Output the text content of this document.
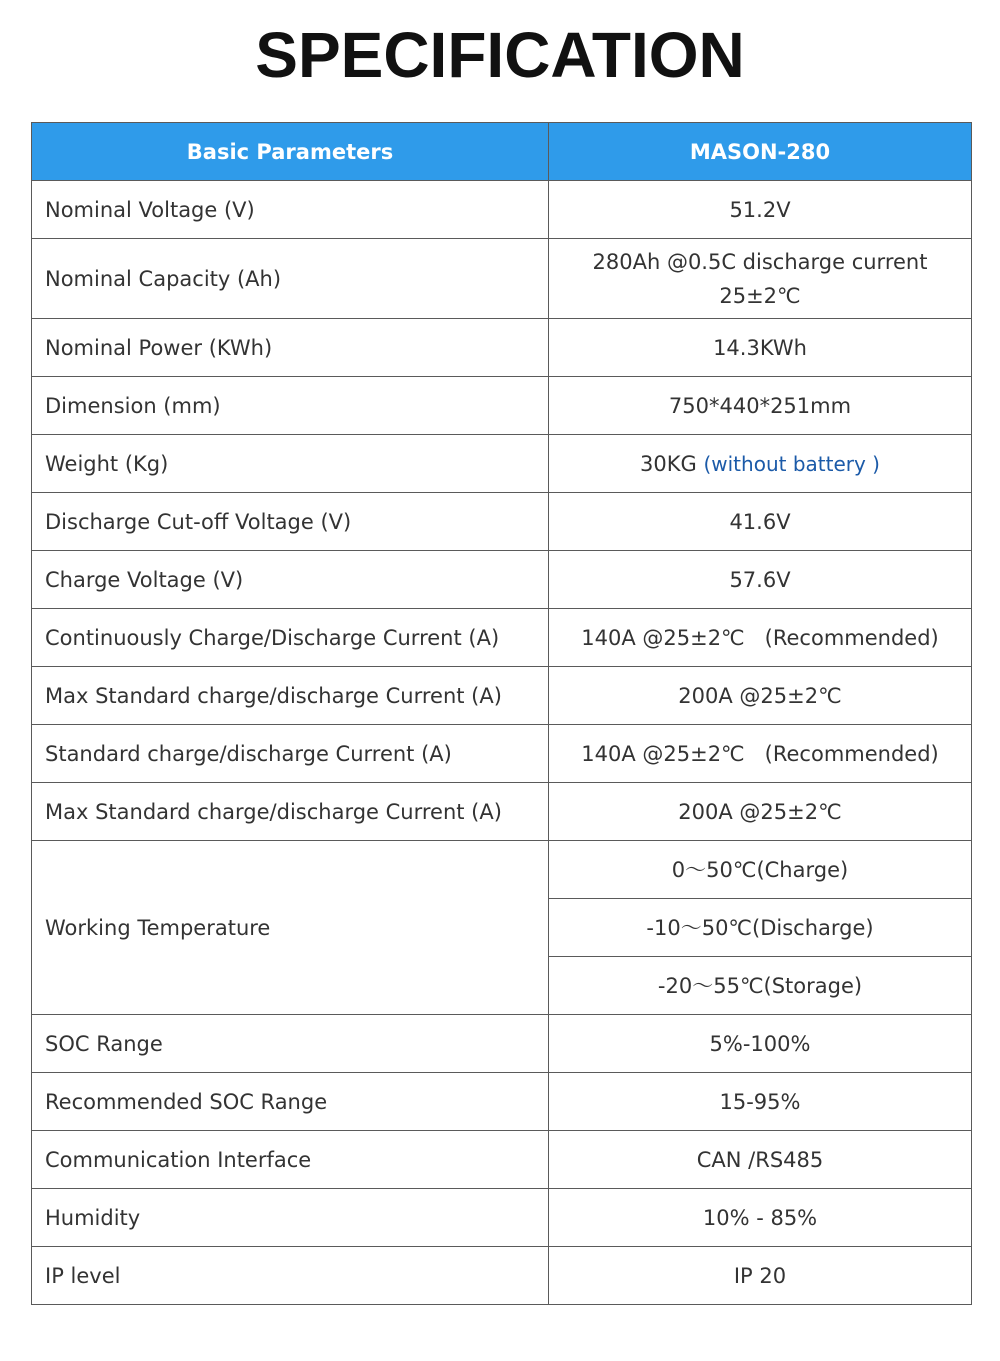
SPECIFICATION
Basic Parameters	MASON-280
Nominal Voltage (V)	51.2V
Nominal Capacity (Ah)	280Ah @0.5C discharge current
25±2℃

Nominal Power (KWh)	14.3KWh
Dimension (mm)	750*440*251mm
Weight (Kg)	30KG (without battery )
Discharge Cut-off Voltage (V)	41.6V
Charge Voltage (V)	57.6V
Continuously Charge/Discharge Current (A)	140A @25±2℃   (Recommended)
Max Standard charge/discharge Current (A)	200A @25±2℃
Standard charge/discharge Current (A)	140A @25±2℃   (Recommended)
Max Standard charge/discharge Current (A)	200A @25±2℃
Working Temperature	0～50℃(Charge)
	-10～50℃(Discharge)
	-20～55℃(Storage)
SOC Range	5%-100%
Recommended SOC Range	15-95%
Communication Interface	CAN /RS485
Humidity	10% - 85%
IP level	IP 20
